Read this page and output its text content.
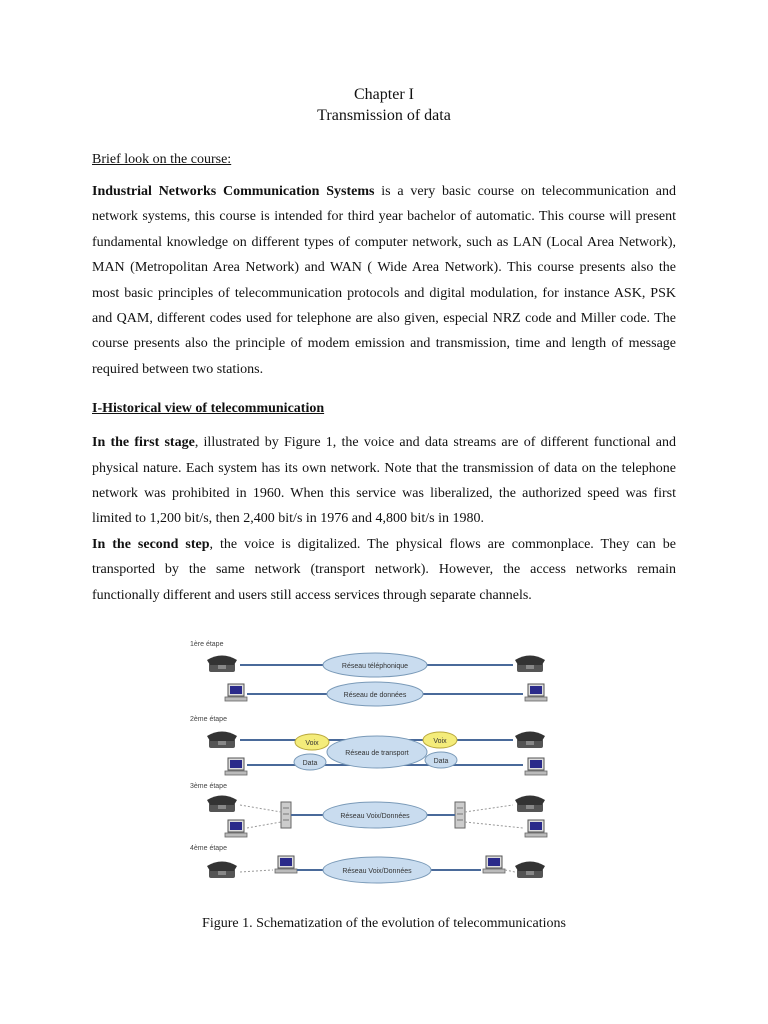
Chapter I
Transmission of data
Brief look on the course:

Industrial Networks Communication Systems is a very basic course on telecommunication and network systems, this course is intended for third year bachelor of automatic. This course will present fundamental knowledge on different types of computer network, such as LAN (Local Area Network), MAN (Metropolitan Area Network) and WAN ( Wide Area Network). This course presents also the most basic principles of telecommunication protocols and digital modulation, for instance ASK, PSK and QAM, different codes used for telephone are also given, especial NRZ code and Miller code. The course presents also the principle of modem emission and transmission, time and length of message required between two stations.

I-Historical view of telecommunication

In the first stage, illustrated by Figure 1, the voice and data streams are of different functional and physical nature. Each system has its own network. Note that the transmission of data on the telephone network was prohibited in 1960. When this service was liberalized, the authorized speed was first limited to 1,200 bit/s, then 2,400 bit/s in 1976 and 4,800 bit/s in 1980.

In the second step, the voice is digitalized. The physical flows are commonplace. They can be transported by the same network (transport network). However, the access networks remain functionally different and users still access services through separate channels.

1ère étape
Réseau téléphonique
Réseau de données
2ème étape
Réseau de transport
Voix	Voix
Data	Data
3ème étape
Réseau Voix/Données
4ème étape
Réseau Voix/Données
Figure 1. Schematization of the evolution of telecommunications
